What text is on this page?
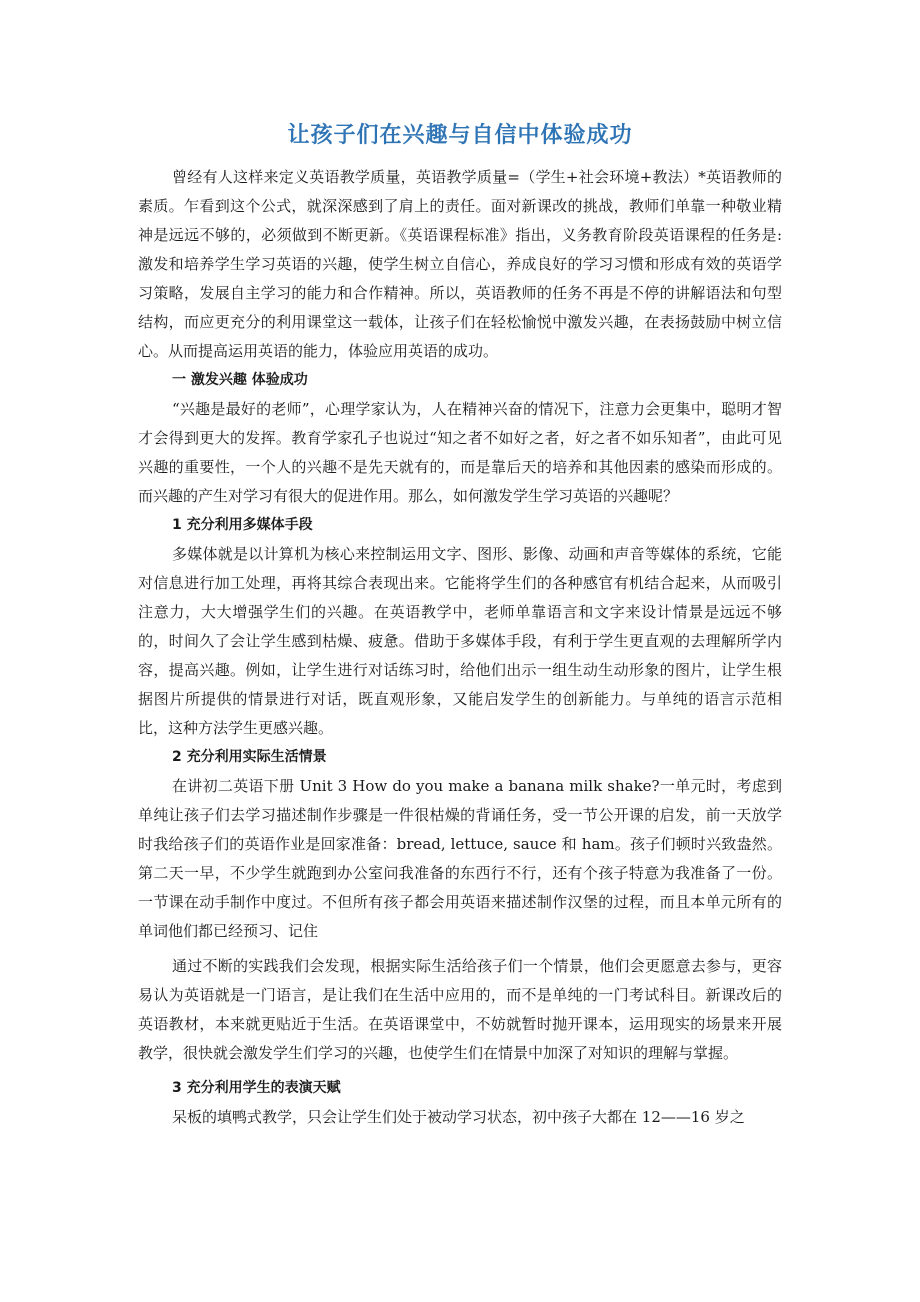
让孩子们在兴趣与自信中体验成功

曾经有人这样来定义英语教学质量，英语教学质量=（学生+社会环境+教法）*英语教师的素质。乍看到这个公式，就深深感到了肩上的责任。面对新课改的挑战，教师们单靠一种敬业精神是远远不够的，必须做到不断更新。《英语课程标准》指出，义务教育阶段英语课程的任务是: 激发和培养学生学习英语的兴趣，使学生树立自信心，养成良好的学习习惯和形成有效的英语学习策略，发展自主学习的能力和合作精神。所以，英语教师的任务不再是不停的讲解语法和句型结构，而应更充分的利用课堂这一载体，让孩子们在轻松愉悦中激发兴趣，在表扬鼓励中树立信心。从而提高运用英语的能力，体验应用英语的成功。

一 激发兴趣 体验成功

“兴趣是最好的老师”，心理学家认为，人在精神兴奋的情况下，注意力会更集中，聪明才智才会得到更大的发挥。教育学家孔子也说过“知之者不如好之者，好之者不如乐知者”，由此可见兴趣的重要性，一个人的兴趣不是先天就有的，而是靠后天的培养和其他因素的感染而形成的。而兴趣的产生对学习有很大的促进作用。那么，如何激发学生学习英语的兴趣呢？

1 充分利用多媒体手段

多媒体就是以计算机为核心来控制运用文字、图形、影像、动画和声音等媒体的系统，它能对信息进行加工处理，再将其综合表现出来。它能将学生们的各种感官有机结合起来，从而吸引注意力，大大增强学生们的兴趣。在英语教学中，老师单靠语言和文字来设计情景是远远不够的，时间久了会让学生感到枯燥、疲惫。借助于多媒体手段，有利于学生更直观的去理解所学内容，提高兴趣。例如，让学生进行对话练习时，给他们出示一组生动生动形象的图片，让学生根据图片所提供的情景进行对话，既直观形象，又能启发学生的创新能力。与单纯的语言示范相比，这种方法学生更感兴趣。

2 充分利用实际生活情景

在讲初二英语下册 Unit 3 How do you make a banana milk shake?一单元时，考虑到单纯让孩子们去学习描述制作步骤是一件很枯燥的背诵任务，受一节公开课的启发，前一天放学时我给孩子们的英语作业是回家准备：bread, lettuce, sauce 和 ham。孩子们顿时兴致盎然。第二天一早，不少学生就跑到办公室问我准备的东西行不行，还有个孩子特意为我准备了一份。一节课在动手制作中度过。不但所有孩子都会用英语来描述制作汉堡的过程，而且本单元所有的单词他们都已经预习、记住

通过不断的实践我们会发现，根据实际生活给孩子们一个情景，他们会更愿意去参与，更容易认为英语就是一门语言，是让我们在生活中应用的，而不是单纯的一门考试科目。新课改后的英语教材，本来就更贴近于生活。在英语课堂中，不妨就暂时抛开课本，运用现实的场景来开展教学，很快就会激发学生们学习的兴趣，也使学生们在情景中加深了对知识的理解与掌握。

3 充分利用学生的表演天赋

呆板的填鸭式教学，只会让学生们处于被动学习状态，初中孩子大都在 12——16 岁之
